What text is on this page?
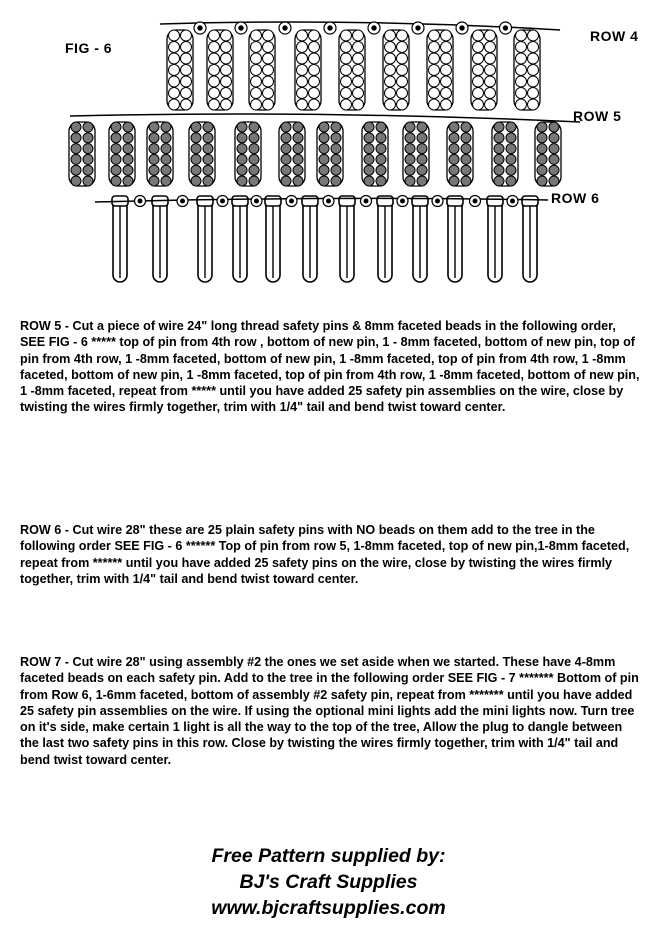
FIG - 6
ROW 4
ROW 5
ROW 6

ROW 5 - Cut a piece of wire 24" long thread safety pins & 8mm faceted beads in the following order, SEE FIG - 6 ***** top of pin from 4th row , bottom of new pin, 1 - 8mm faceted, bottom of new pin, top of pin from 4th row, 1 -8mm faceted, bottom of new pin, 1 -8mm faceted, top of pin from 4th row, 1 -8mm faceted, bottom of new pin, 1 -8mm faceted, top of pin from 4th row, 1 -8mm faceted, bottom of new pin, 1 -8mm faceted, repeat from ***** until you have added 25 safety pin assemblies on the wire, close by twisting the wires firmly together, trim with 1/4" tail and bend twist toward center.

ROW 6 - Cut wire 28" these are 25 plain safety pins with NO beads on them add to the tree in the following order SEE FIG - 6 ****** Top of pin from row 5, 1-8mm faceted, top of new pin,1-8mm faceted, repeat from ****** until you have added 25 safety pins on the wire, close by twisting the wires firmly together, trim with 1/4" tail and bend twist toward center.

ROW 7 - Cut wire 28" using assembly #2 the ones we set aside when we started. These have 4-8mm faceted beads on each safety pin. Add to the tree in the following order SEE FIG - 7 ******* Bottom of pin from Row 6, 1-6mm faceted, bottom of assembly #2 safety pin, repeat from ******* until you have added 25 safety pin assemblies on the wire. If using the optional mini lights add the mini lights now. Turn tree on it's side, make certain 1 light is all the way to the top of the tree, Allow the plug to dangle between the last two safety pins in this row. Close by twisting the wires firmly together, trim with 1/4" tail and bend twist toward center.

Free Pattern supplied by:
BJ's Craft Supplies
www.bjcraftsupplies.com
